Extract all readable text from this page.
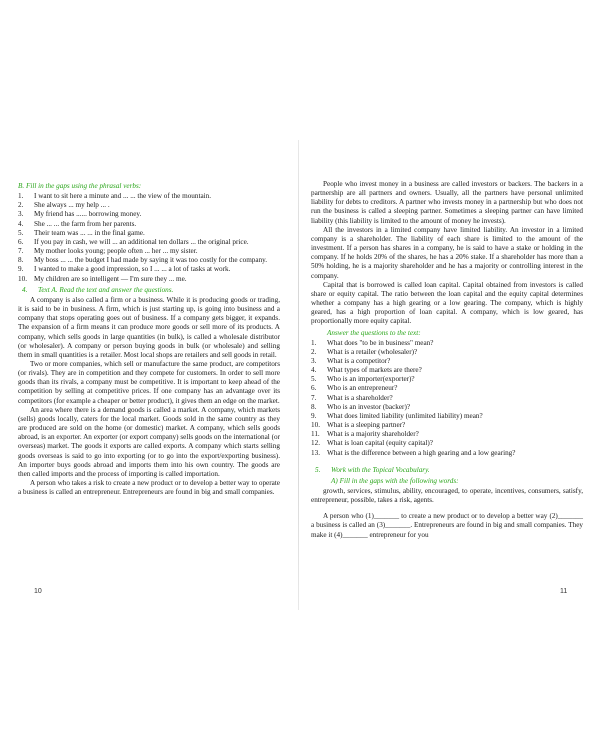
B. Fill in the gaps using the phrasal verbs:
1.	I want to sit here a minute and ... ... the view of the mountain.
2.	She always ... my help ... .
3.	My friend has ...... borrowing money.
4.	She ... ... the farm from her parents.
5.	Their team was ... ... in the final game.
6.	If you pay in cash, we will ... an additional ten dollars ... the original price.
7.	My mother looks young; people often ... her ... my sister.
8.	My boss ... ... the budget I had made by saying it was too costly for the company.
9.	I wanted to make a good impression, so I ... ... a lot of tasks at work.
10. My children are so intelligent — I'm sure they ... me.
4. Text A. Read the text and answer the questions.

A company is also called a firm or a business. While it is producing goods or trading, it is said to be in business. A firm, which is just starting up, is going into business and a company that stops operating goes out of business. If a company gets bigger, it expands. The expansion of a firm means it can produce more goods or sell more of its products. A company, which sells goods in large quantities (in bulk), is called a wholesale distributor (or wholesaler). A company or person buying goods in bulk (or wholesale) and selling them in small quantities is a retailer. Most local shops are retailers and sell goods in retail.

Two or more companies, which sell or manufacture the same product, are competitors (or rivals). They are in competition and they compete for customers. In order to sell more goods than its rivals, a company must be competitive. It is important to keep ahead of the competition by selling at competitive prices. If one company has an advantage over its competitors (for example a cheaper or better product), it gives them an edge on the market.

An area where there is a demand goods is called a market. A company, which markets (sells) goods locally, caters for the local market. Goods sold in the same country as they are produced are sold on the home (or domestic) market. A company, which sells goods abroad, is an exporter. An exporter (or export company) sells goods on the international (or overseas) market. The goods it exports are called exports. A company which starts selling goods overseas is said to go into exporting (or to go into the export/exporting business). An importer buys goods abroad and imports them into his own country. The goods are then called imports and the process of importing is called importation.

A person who takes a risk to create a new product or to develop a better way to operate a business is called an entrepreneur. Entrepreneurs are found in big and small companies.

10

People who invest money in a business are called investors or backers. The backers in a partnership are all partners and owners. Usually, all the partners have personal unlimited liability for debts to creditors. A partner who invests money in a partnership but who does not run the business is called a sleeping partner. Sometimes a sleeping partner can have limited liability (this liability is limited to the amount of money he invests).

All the investors in a limited company have limited liability. An investor in a limited company is a shareholder. The liability of each share is limited to the amount of the investment. If a person has shares in a company, he is said to have a stake or holding in the company. If he holds 20% of the shares, he has a 20% stake. If a shareholder has more than a 50% holding, he is a majority shareholder and he has a majority or controlling interest in the company.

Capital that is borrowed is called loan capital. Capital obtained from investors is called share or equity capital. The ratio between the loan capital and the equity capital determines whether a company has a high gearing or a low gearing. The company, which is highly geared, has a high proportion of loan capital. A company, which is low geared, has proportionally more equity capital.

Answer the questions to the text:
1.	What does "to be in business" mean?
2.	What is a retailer (wholesaler)?
3.	What is a competitor?
4.	What types of markets are there?
5.	Who is an importer(exporter)?
6.	Who is an entrepreneur?
7.	What is a shareholder?
8.	Who is an investor (backer)?
9.	What does limited liability (unlimited liability) mean?
10. What is a sleeping partner?
11.	What is a majority shareholder?
12. What is loan capital (equity capital)?
13. What is the difference between a high gearing and a low gearing?
5. Work with the Topical Vocabulary.
A) Fill in the gaps with the following words:

growth, services, stimulus, ability, encouraged, to operate, incentives, consumers, satisfy, entrepreneur, possible, takes a risk, agents.

A person who (1)_______ to create a new product or to develop a better way (2)_______ a business is called an (3)_______. Entrepreneurs are found in big and small companies. They make it (4)_______ entrepreneur for you

11
